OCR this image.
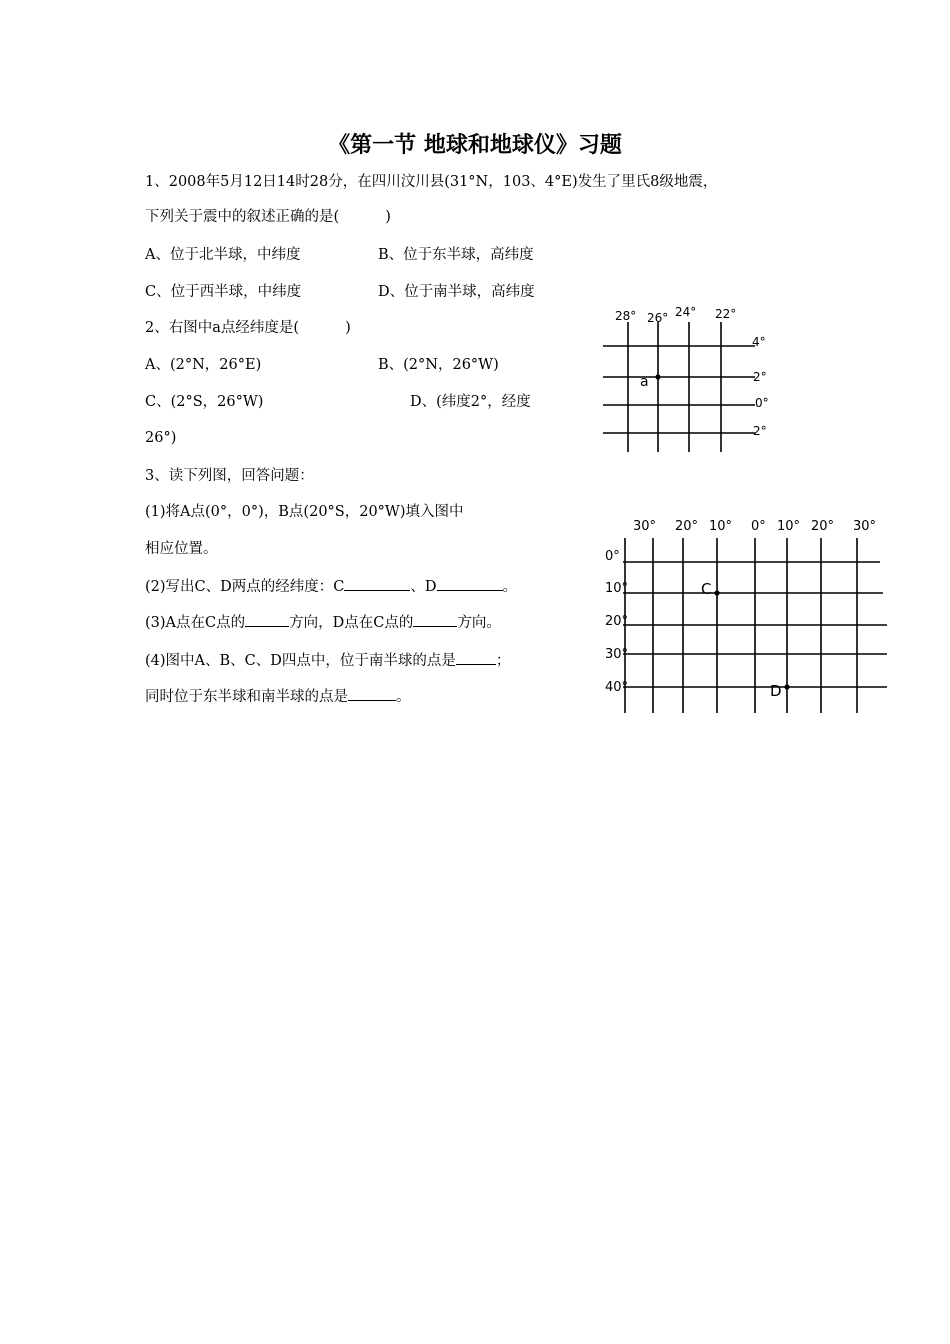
《第一节 地球和地球仪》习题
1、2008年5月12日14时28分，在四川汶川县(31°N，103、4°E)发生了里氏8级地震，
下列关于震中的叙述正确的是(          )
A、位于北半球，中纬度	B、位于东半球，高纬度
C、位于西半球，中纬度	D、位于南半球，高纬度
2、右图中a点经纬度是(          )
A、(2°N，26°E)	B、(2°N，26°W)
C、(2°S，26°W)	D、(纬度2°，经度
26°)
3、读下列图，回答问题：
(1)将A点(0°，0°)，B点(20°S，20°W)填入图中
相应位置。
(2)写出C、D两点的经纬度：C	、D	。
(3)A点在C点的	方向，D点在C点的	方向。
(4)图中A、B、C、D四点中，位于南半球的点是	；
同时位于东半球和南半球的点是	。
28° 26° 24° 22°
4°
2°
0°
2°
a
30° 20° 10° 0° 10° 20° 30°
0°
10°
20°
30°
40°
C
D
